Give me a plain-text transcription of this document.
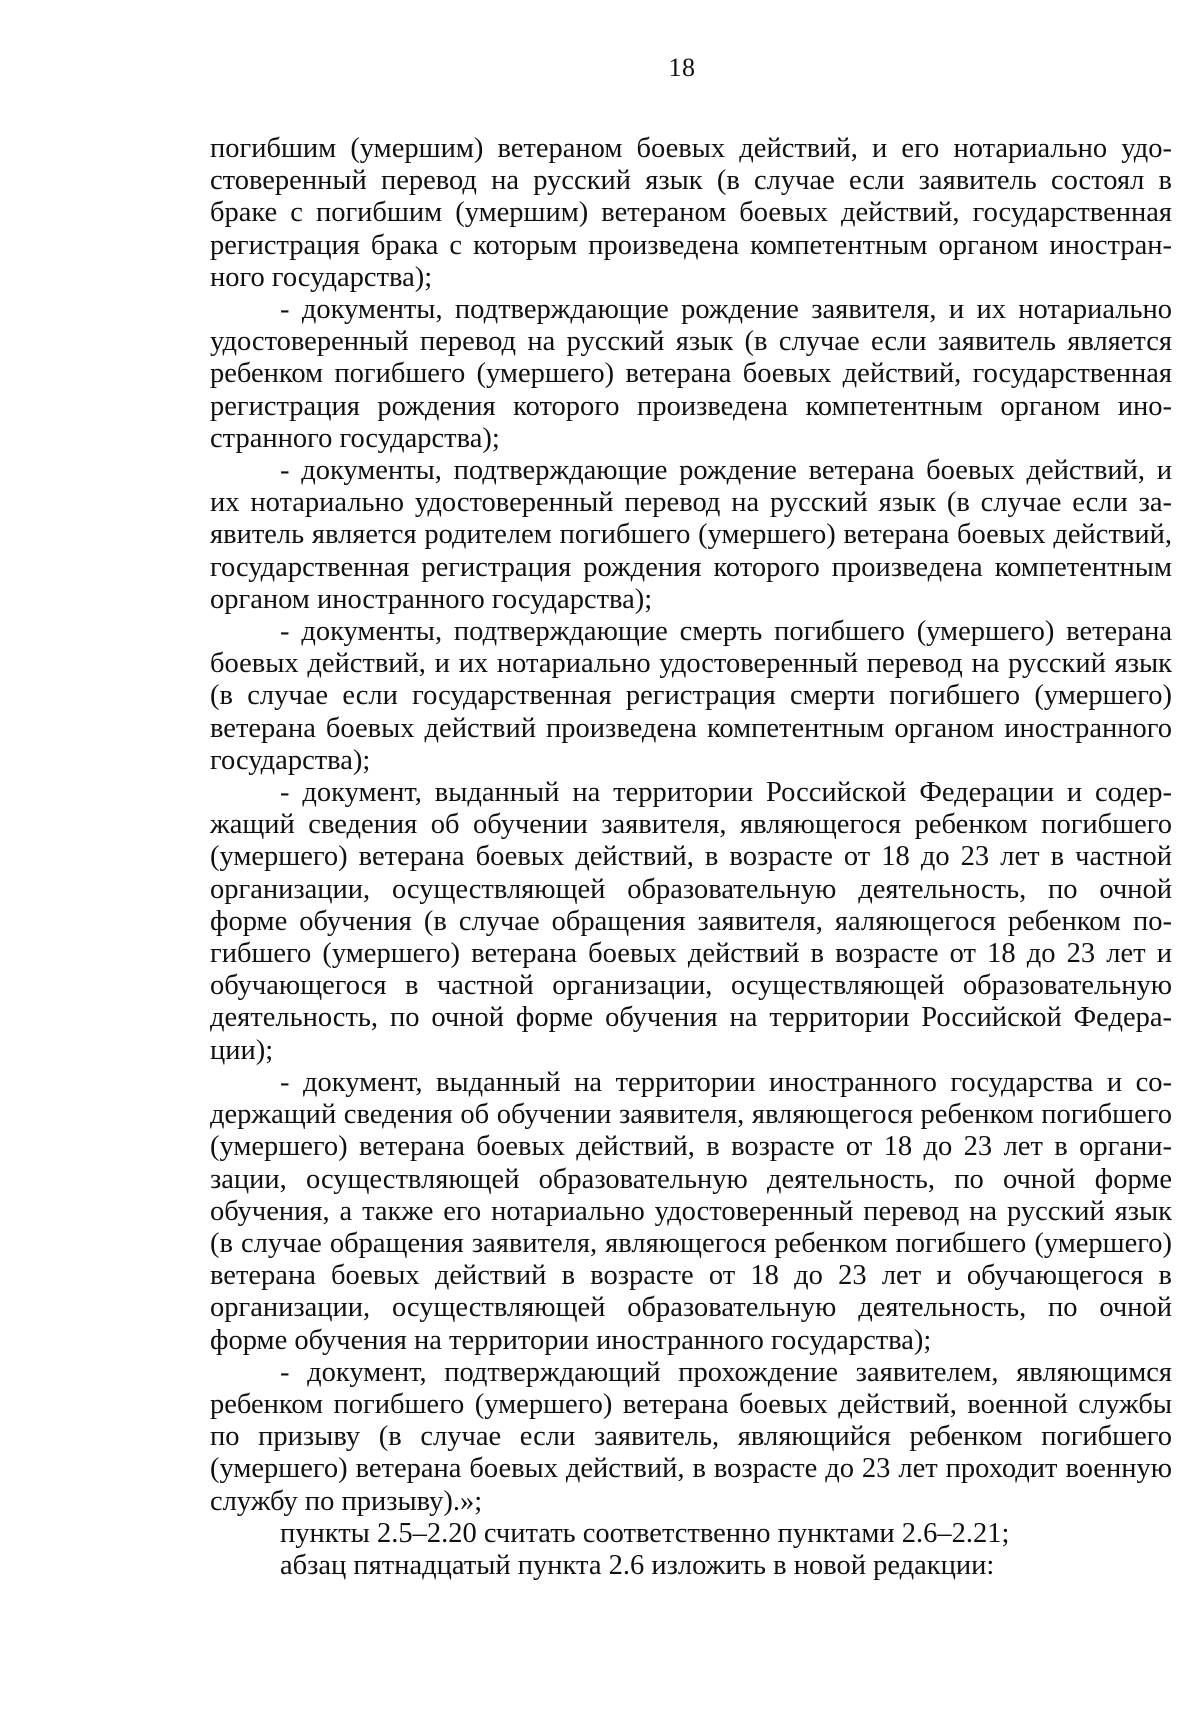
18

погибшим (умершим) ветераном боевых действий, и его нотариально удостоверенный перевод на русский язык (в случае если заявитель состоял в браке с погибшим (умершим) ветераном боевых действий, государственная регистрация брака с которым произведена компетентным органом иностранного государства);

- документы, подтверждающие рождение заявителя, и их нотариально удостоверенный перевод на русский язык (в случае если заявитель является ребенком погибшего (умершего) ветерана боевых действий, государственная регистрация рождения которого произведена компетентным органом иностранного государства);

- документы, подтверждающие рождение ветерана боевых действий, и их нотариально удостоверенный перевод на русский язык (в случае если заявитель является родителем погибшего (умершего) ветерана боевых действий, государственная регистрация рождения которого произведена компетентным органом иностранного государства);

- документы, подтверждающие смерть погибшего (умершего) ветерана боевых действий, и их нотариально удостоверенный перевод на русский язык (в случае если государственная регистрация смерти погибшего (умершего) ветерана боевых действий произведена компетентным органом иностранного государства);

- документ, выданный на территории Российской Федерации и содержащий сведения об обучении заявителя, являющегося ребенком погибшего (умершего) ветерана боевых действий, в возрасте от 18 до 23 лет в частной организации, осуществляющей образовательную деятельность, по очной форме обучения (в случае обращения заявителя, яаляющегося ребенком погибшего (умершего) ветерана боевых действий в возрасте от 18 до 23 лет и обучающегося в частной организации, осуществляющей образовательную деятельность, по очной форме обучения на территории Российской Федерации);

- документ, выданный на территории иностранного государства и содержащий сведения об обучении заявителя, являющегося ребенком погибшего (умершего) ветерана боевых действий, в возрасте от 18 до 23 лет в организации, осуществляющей образовательную деятельность, по очной форме обучения, а также его нотариально удостоверенный перевод на русский язык (в случае обращения заявителя, являющегося ребенком погибшего (умершего) ветерана боевых действий в возрасте от 18 до 23 лет и обучающегося в организации, осуществляющей образовательную деятельность, по очной форме обучения на территории иностранного государства);

- документ, подтверждающий прохождение заявителем, являющимся ребенком погибшего (умершего) ветерана боевых действий, военной службы по призыву (в случае если заявитель, являющийся ребенком погибшего (умершего) ветерана боевых действий, в возрасте до 23 лет проходит военную службу по призыву).»;

пункты 2.5–2.20 считать соответственно пунктами 2.6–2.21;

абзац пятнадцатый пункта 2.6 изложить в новой редакции:
